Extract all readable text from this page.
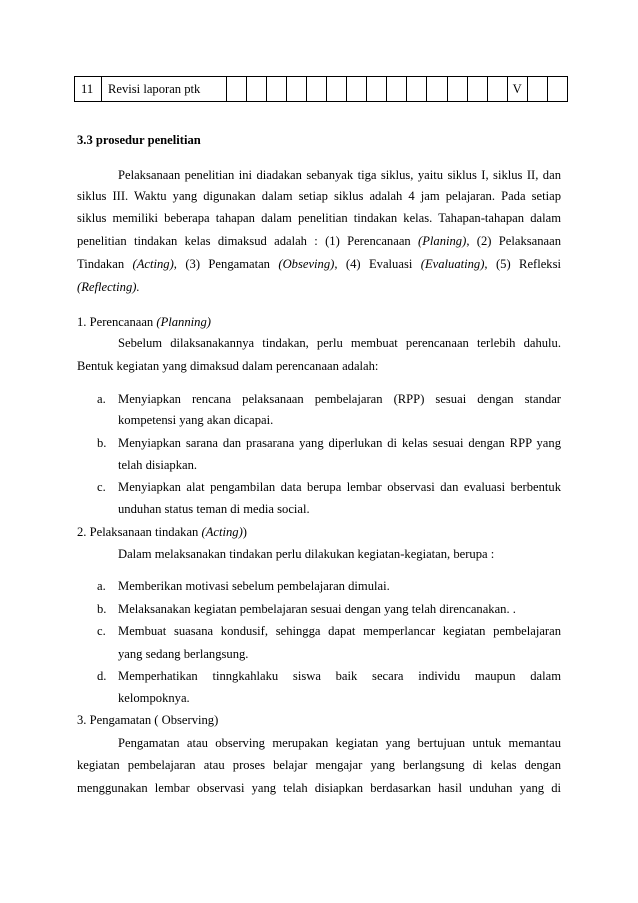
11	Revisi laporan ptk															V		
3.3 prosedur penelitian
Pelaksanaan penelitian ini diadakan sebanyak tiga siklus, yaitu siklus I, siklus II, dan
siklus III. Waktu yang digunakan dalam setiap siklus adalah 4 jam pelajaran. Pada setiap
siklus memiliki beberapa tahapan dalam penelitian tindakan kelas. Tahapan-tahapan dalam
penelitian tindakan kelas dimaksud adalah : (1) Perencanaan (Planing), (2) Pelaksanaan
Tindakan (Acting), (3) Pengamatan (Obseving), (4) Evaluasi (Evaluating), (5) Refleksi
(Reflecting).
1. Perencanaan (Planning)
Sebelum dilaksanakannya tindakan, perlu membuat perencanaan terlebih dahulu.
Bentuk kegiatan yang dimaksud dalam perencanaan adalah:
a. Menyiapkan rencana pelaksanaan pembelajaran (RPP) sesuai dengan standar
kompetensi yang akan dicapai.
b. Menyiapkan sarana dan prasarana yang diperlukan di kelas sesuai dengan RPP yang
telah disiapkan.
c. Menyiapkan alat pengambilan data berupa lembar observasi dan evaluasi berbentuk
unduhan status teman di media social.
2. Pelaksanaan tindakan (Acting))
Dalam melaksanakan tindakan perlu dilakukan kegiatan-kegiatan, berupa :
a. Memberikan motivasi sebelum pembelajaran dimulai.
b. Melaksanakan kegiatan pembelajaran sesuai dengan yang telah direncanakan. .
c. Membuat suasana kondusif, sehingga dapat memperlancar kegiatan pembelajaran
yang sedang berlangsung.
d. Memperhatikan tinngkahlaku siswa baik secara individu maupun dalam
kelompoknya.
3. Pengamatan ( Observing)
Pengamatan atau observing merupakan kegiatan yang bertujuan untuk memantau
kegiatan pembelajaran atau proses belajar mengajar yang berlangsung di kelas dengan
menggunakan lembar observasi yang telah disiapkan berdasarkan hasil unduhan yang di
